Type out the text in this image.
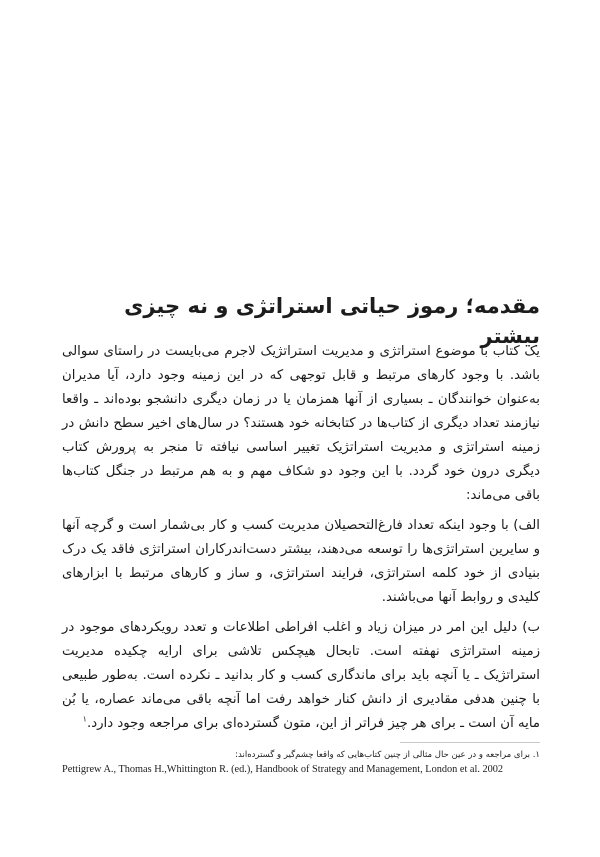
مقدمه؛ رموز حیاتی استراتژی و نه چیزی بیشتر

یک کتاب با موضوع استراتژی و مدیریت استراتژیک لاجرم می‌بایست در راستای سوالی باشد. با وجود کارهای مرتبط و قابل توجهی که در این زمینه وجود دارد، آیا مدیران به‌عنوان خوانندگان ـ بسیاری از آنها همزمان یا در زمان دیگری دانشجو بوده‌اند ـ واقعا نیازمند تعداد دیگری از کتاب‌ها در کتابخانه خود هستند؟ در سال‌های اخیر سطح دانش در زمینه استراتژی و مدیریت استراتژیک تغییر اساسی نیافته تا منجر به پرورش کتاب دیگری درون خود گردد. با این وجود دو شکاف مهم و به هم مرتبط در جنگل کتاب‌ها باقی می‌ماند:

الف) با وجود اینکه تعداد فارغ‌التحصیلان مدیریت کسب و کار بی‌شمار است و گرچه آنها و سایرین استراتژی‌ها را توسعه می‌دهند، بیشتر دست‌اندرکاران استراتژی فاقد یک درک بنیادی از خود کلمه استراتژی، فرایند استراتژی، و ساز و کارهای مرتبط با ابزارهای کلیدی و روابط آنها می‌باشند.

ب) دلیل این امر در میزان زیاد و اغلب افراطی اطلاعات و تعدد رویکردهای موجود در زمینه استراتژی نهفته است. تابحال هیچکس تلاشی برای ارایه چکیده مدیریت استراتژیک ـ یا آنچه باید برای ماندگاری کسب و کار بدانید ـ نکرده است. به‌طور طبیعی با چنین هدفی مقادیری از دانش کنار خواهد رفت اما آنچه باقی می‌ماند عصاره، یا بُن مایه آن است ـ برای هر چیز فراتر از این، متون گسترده‌ای برای مراجعه وجود دارد.$^۱$

۱. برای مراجعه و در عین حال مثالی از چنین کتاب‌هایی که واقعا چشم‌گیر و گسترده‌اند:
Pettigrew A., Thomas H.,Whittington R. (ed.), Handbook of Strategy and Management, London et al. 2002
